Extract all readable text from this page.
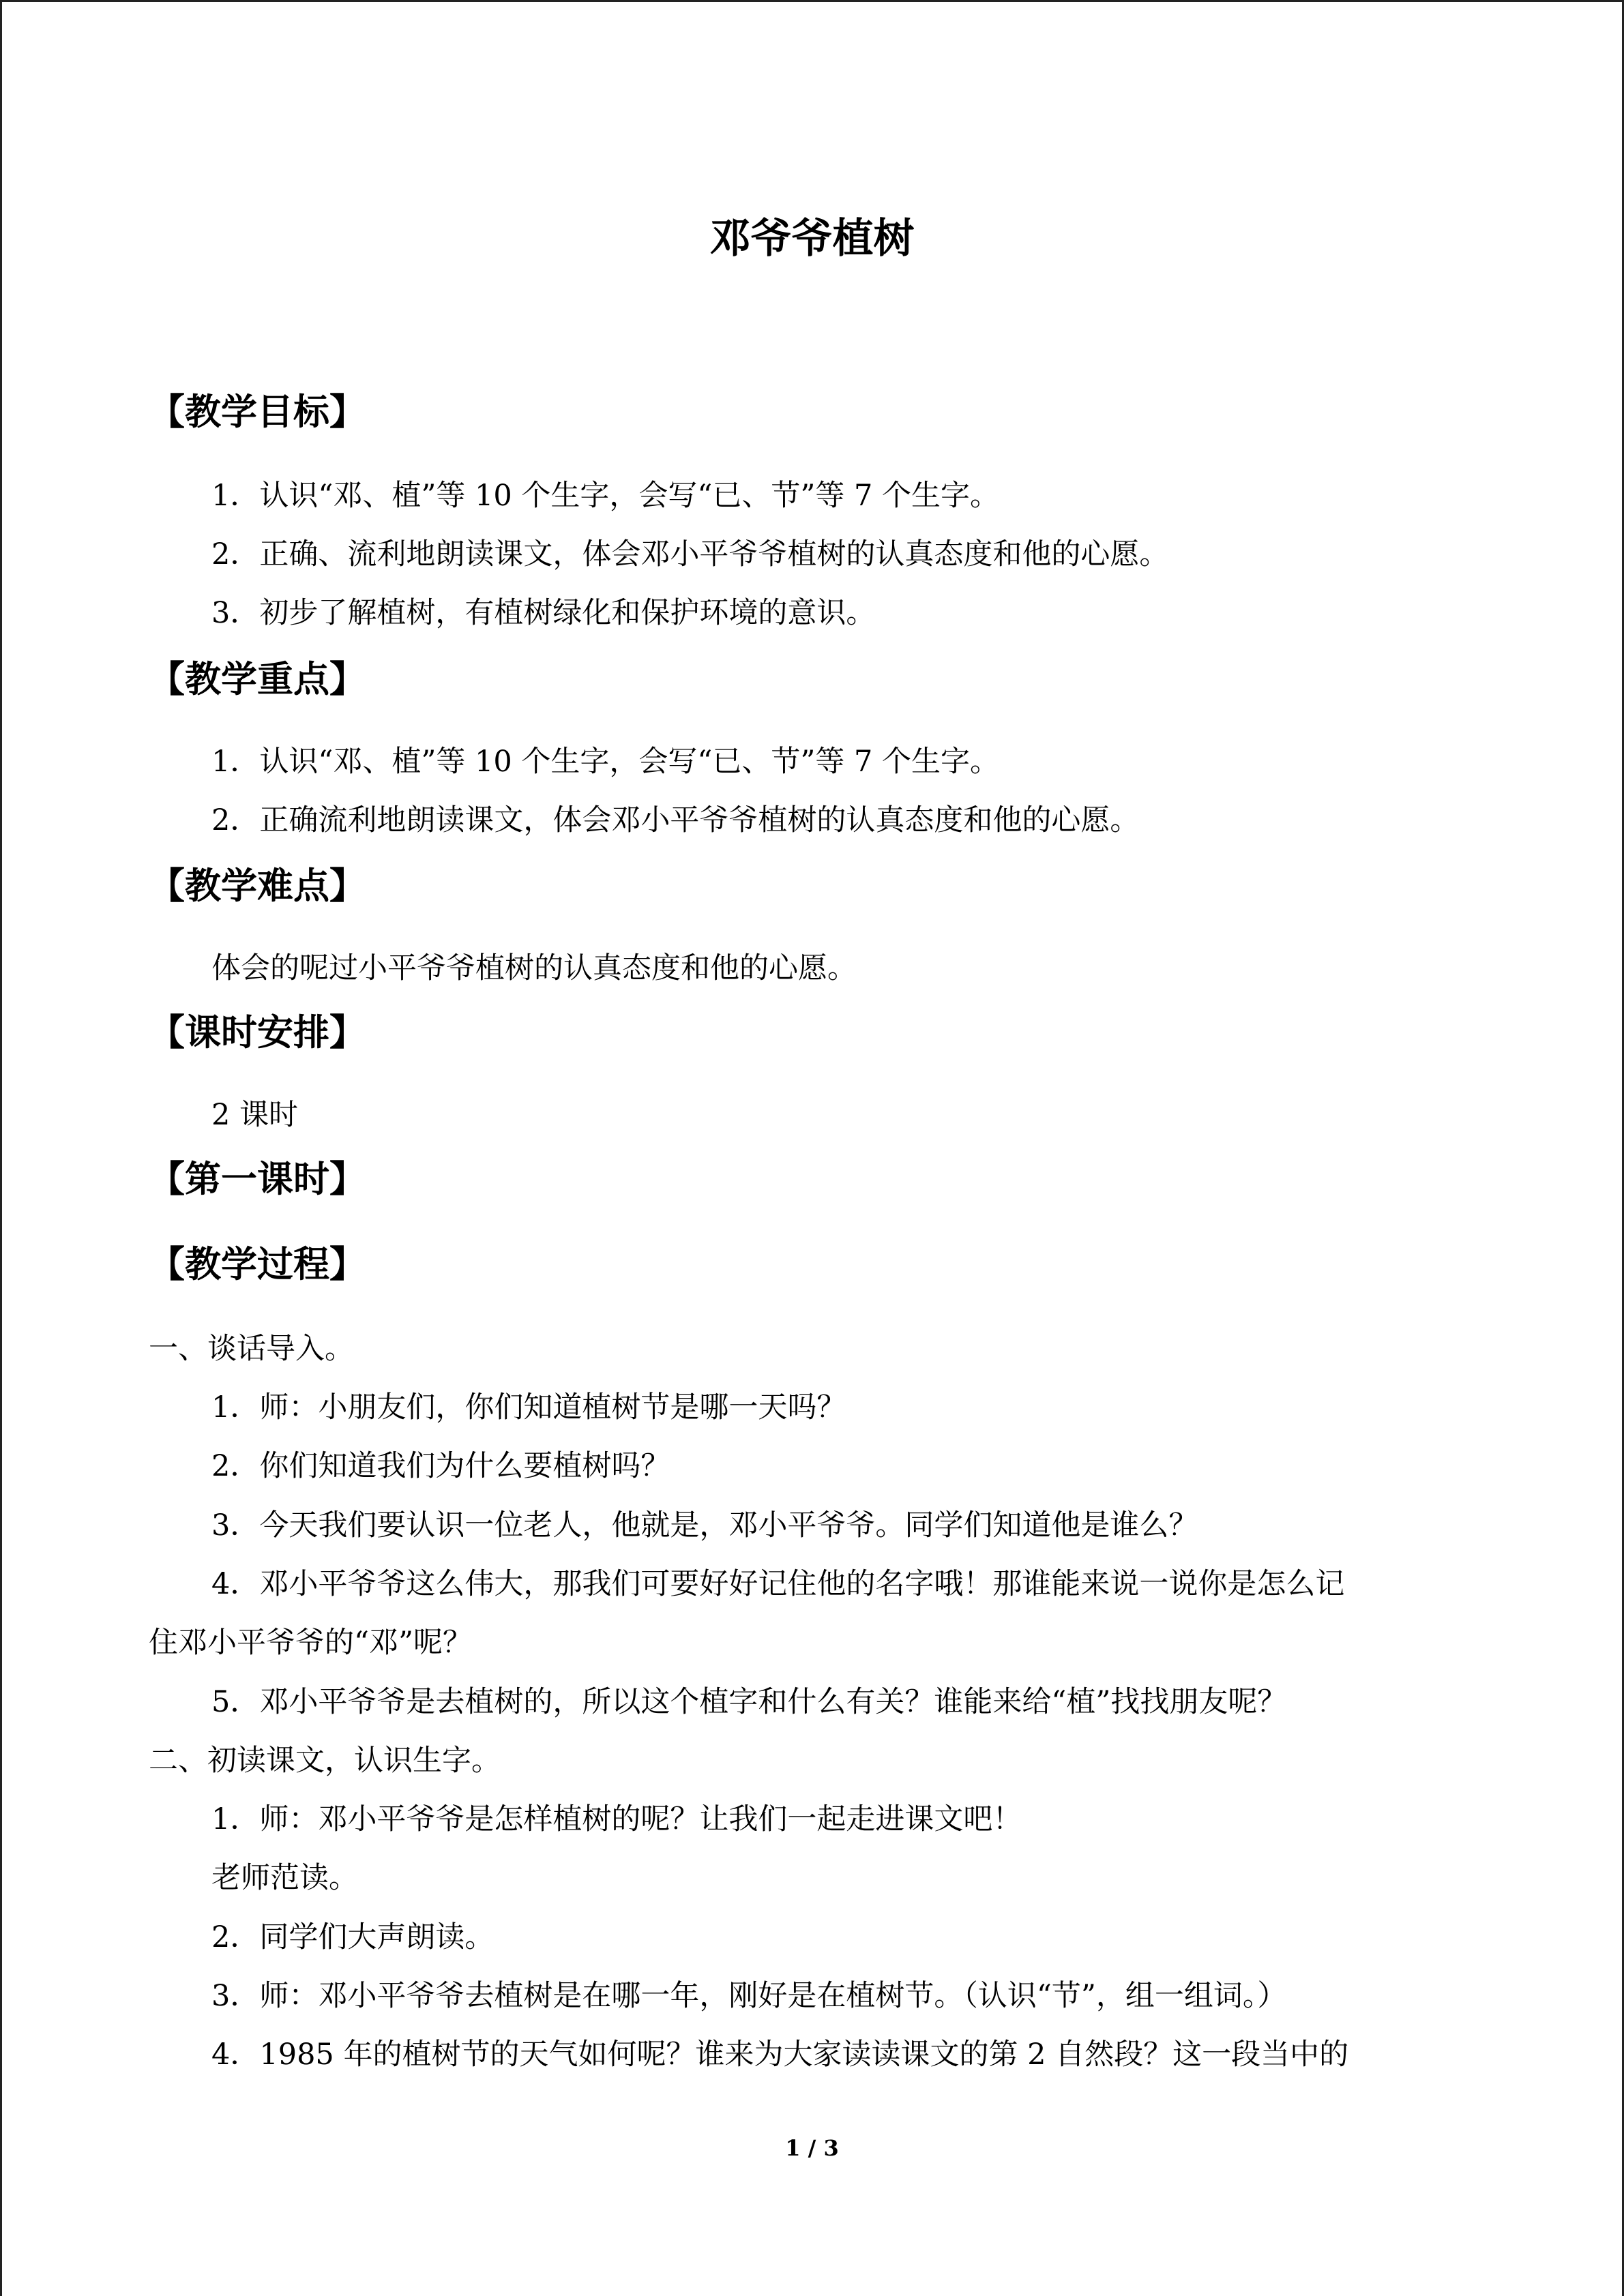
邓爷爷植树
【教学目标】
1．认识“邓、植”等 10 个生字，会写“已、节”等 7 个生字。
2．正确、流利地朗读课文，体会邓小平爷爷植树的认真态度和他的心愿。
3．初步了解植树，有植树绿化和保护环境的意识。
【教学重点】
1．认识“邓、植”等 10 个生字，会写“已、节”等 7 个生字。
2．正确流利地朗读课文，体会邓小平爷爷植树的认真态度和他的心愿。
【教学难点】
体会的呢过小平爷爷植树的认真态度和他的心愿。
【课时安排】
2 课时
【第一课时】
【教学过程】
一、谈话导入。
1．师：小朋友们，你们知道植树节是哪一天吗？
2．你们知道我们为什么要植树吗？
3．今天我们要认识一位老人，他就是，邓小平爷爷。同学们知道他是谁么？
4．邓小平爷爷这么伟大，那我们可要好好记住他的名字哦！那谁能来说一说你是怎么记
住邓小平爷爷的“邓”呢？
5．邓小平爷爷是去植树的，所以这个植字和什么有关？谁能来给“植”找找朋友呢？
二、初读课文，认识生字。
1．师：邓小平爷爷是怎样植树的呢？让我们一起走进课文吧！
老师范读。
2．同学们大声朗读。
3．师：邓小平爷爷去植树是在哪一年，刚好是在植树节。（认识“节”，组一组词。）
4．1985 年的植树节的天气如何呢？谁来为大家读读课文的第 2 自然段？这一段当中的
1 / 3
